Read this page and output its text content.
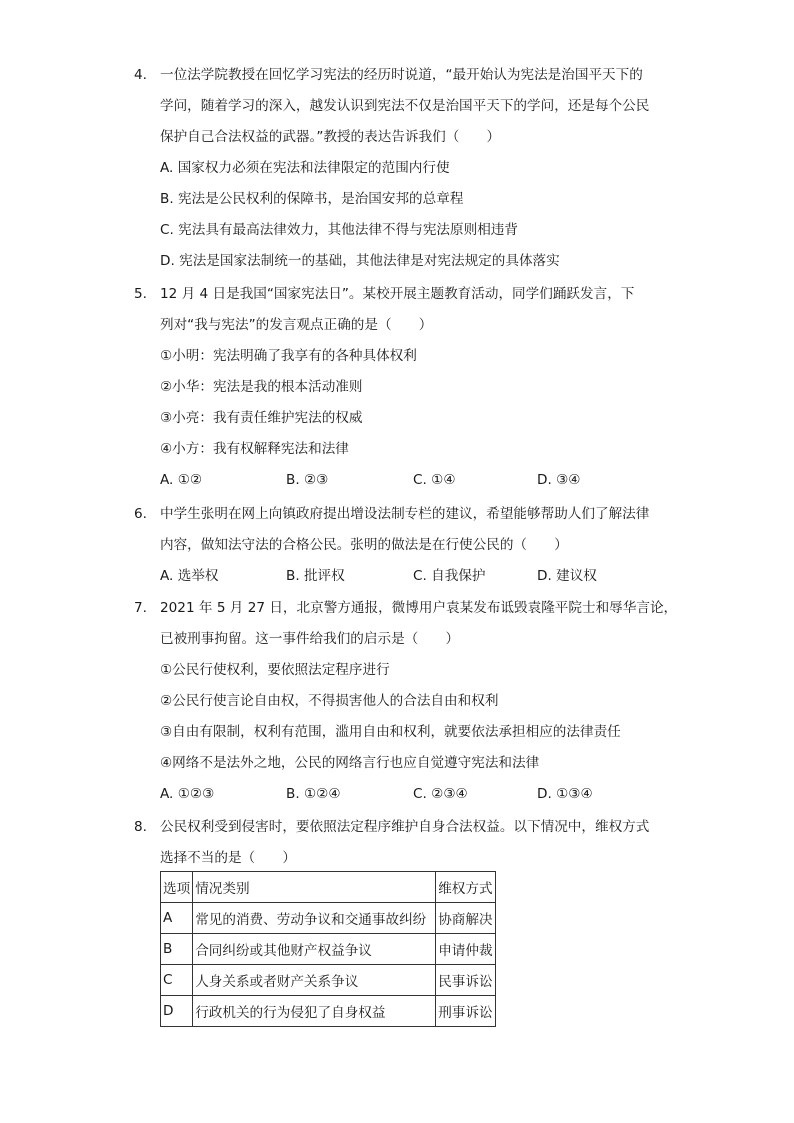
4. 一位法学院教授在回忆学习宪法的经历时说道，“最开始认为宪法是治国平天下的
学问，随着学习的深入，越发认识到宪法不仅是治国平天下的学问，还是每个公民
保护自己合法权益的武器。”教授的表达告诉我们（　　）
A. 国家权力必须在宪法和法律限定的范围内行使
B. 宪法是公民权利的保障书，是治国安邦的总章程
C. 宪法具有最高法律效力，其他法律不得与宪法原则相违背
D. 宪法是国家法制统一的基础，其他法律是对宪法规定的具体落实
5. 12 月 4 日是我国“国家宪法日”。某校开展主题教育活动，同学们踊跃发言，下
列对“我与宪法”的发言观点正确的是（　　）
①小明：宪法明确了我享有的各种具体权利
②小华：宪法是我的根本活动准则
③小亮：我有责任维护宪法的权威
④小方：我有权解释宪法和法律
A. ①②	B. ②③	C. ①④	D. ③④
6. 中学生张明在网上向镇政府提出增设法制专栏的建议，希望能够帮助人们了解法律
内容，做知法守法的合格公民。张明的做法是在行使公民的（　　）
A. 选举权	B. 批评权	C. 自我保护	D. 建议权
7. 2021 年 5 月 27 日，北京警方通报，微博用户袁某发布诋毁袁隆平院士和辱华言论，
已被刑事拘留。这一事件给我们的启示是（　　）
①公民行使权利，要依照法定程序进行
②公民行使言论自由权，不得损害他人的合法自由和权利
③自由有限制，权利有范围，滥用自由和权利，就要依法承担相应的法律责任
④网络不是法外之地，公民的网络言行也应自觉遵守宪法和法律
A. ①②③	B. ①②④	C. ②③④	D. ①③④
8. 公民权利受到侵害时，要依照法定程序维护自身合法权益。以下情况中，维权方式
选择不当的是（　　）
选项	情况类别	维权方式
A	常见的消费、劳动争议和交通事故纠纷	协商解决
B	合同纠纷或其他财产权益争议	申请仲裁
C	人身关系或者财产关系争议	民事诉讼
D	行政机关的行为侵犯了自身权益	刑事诉讼
